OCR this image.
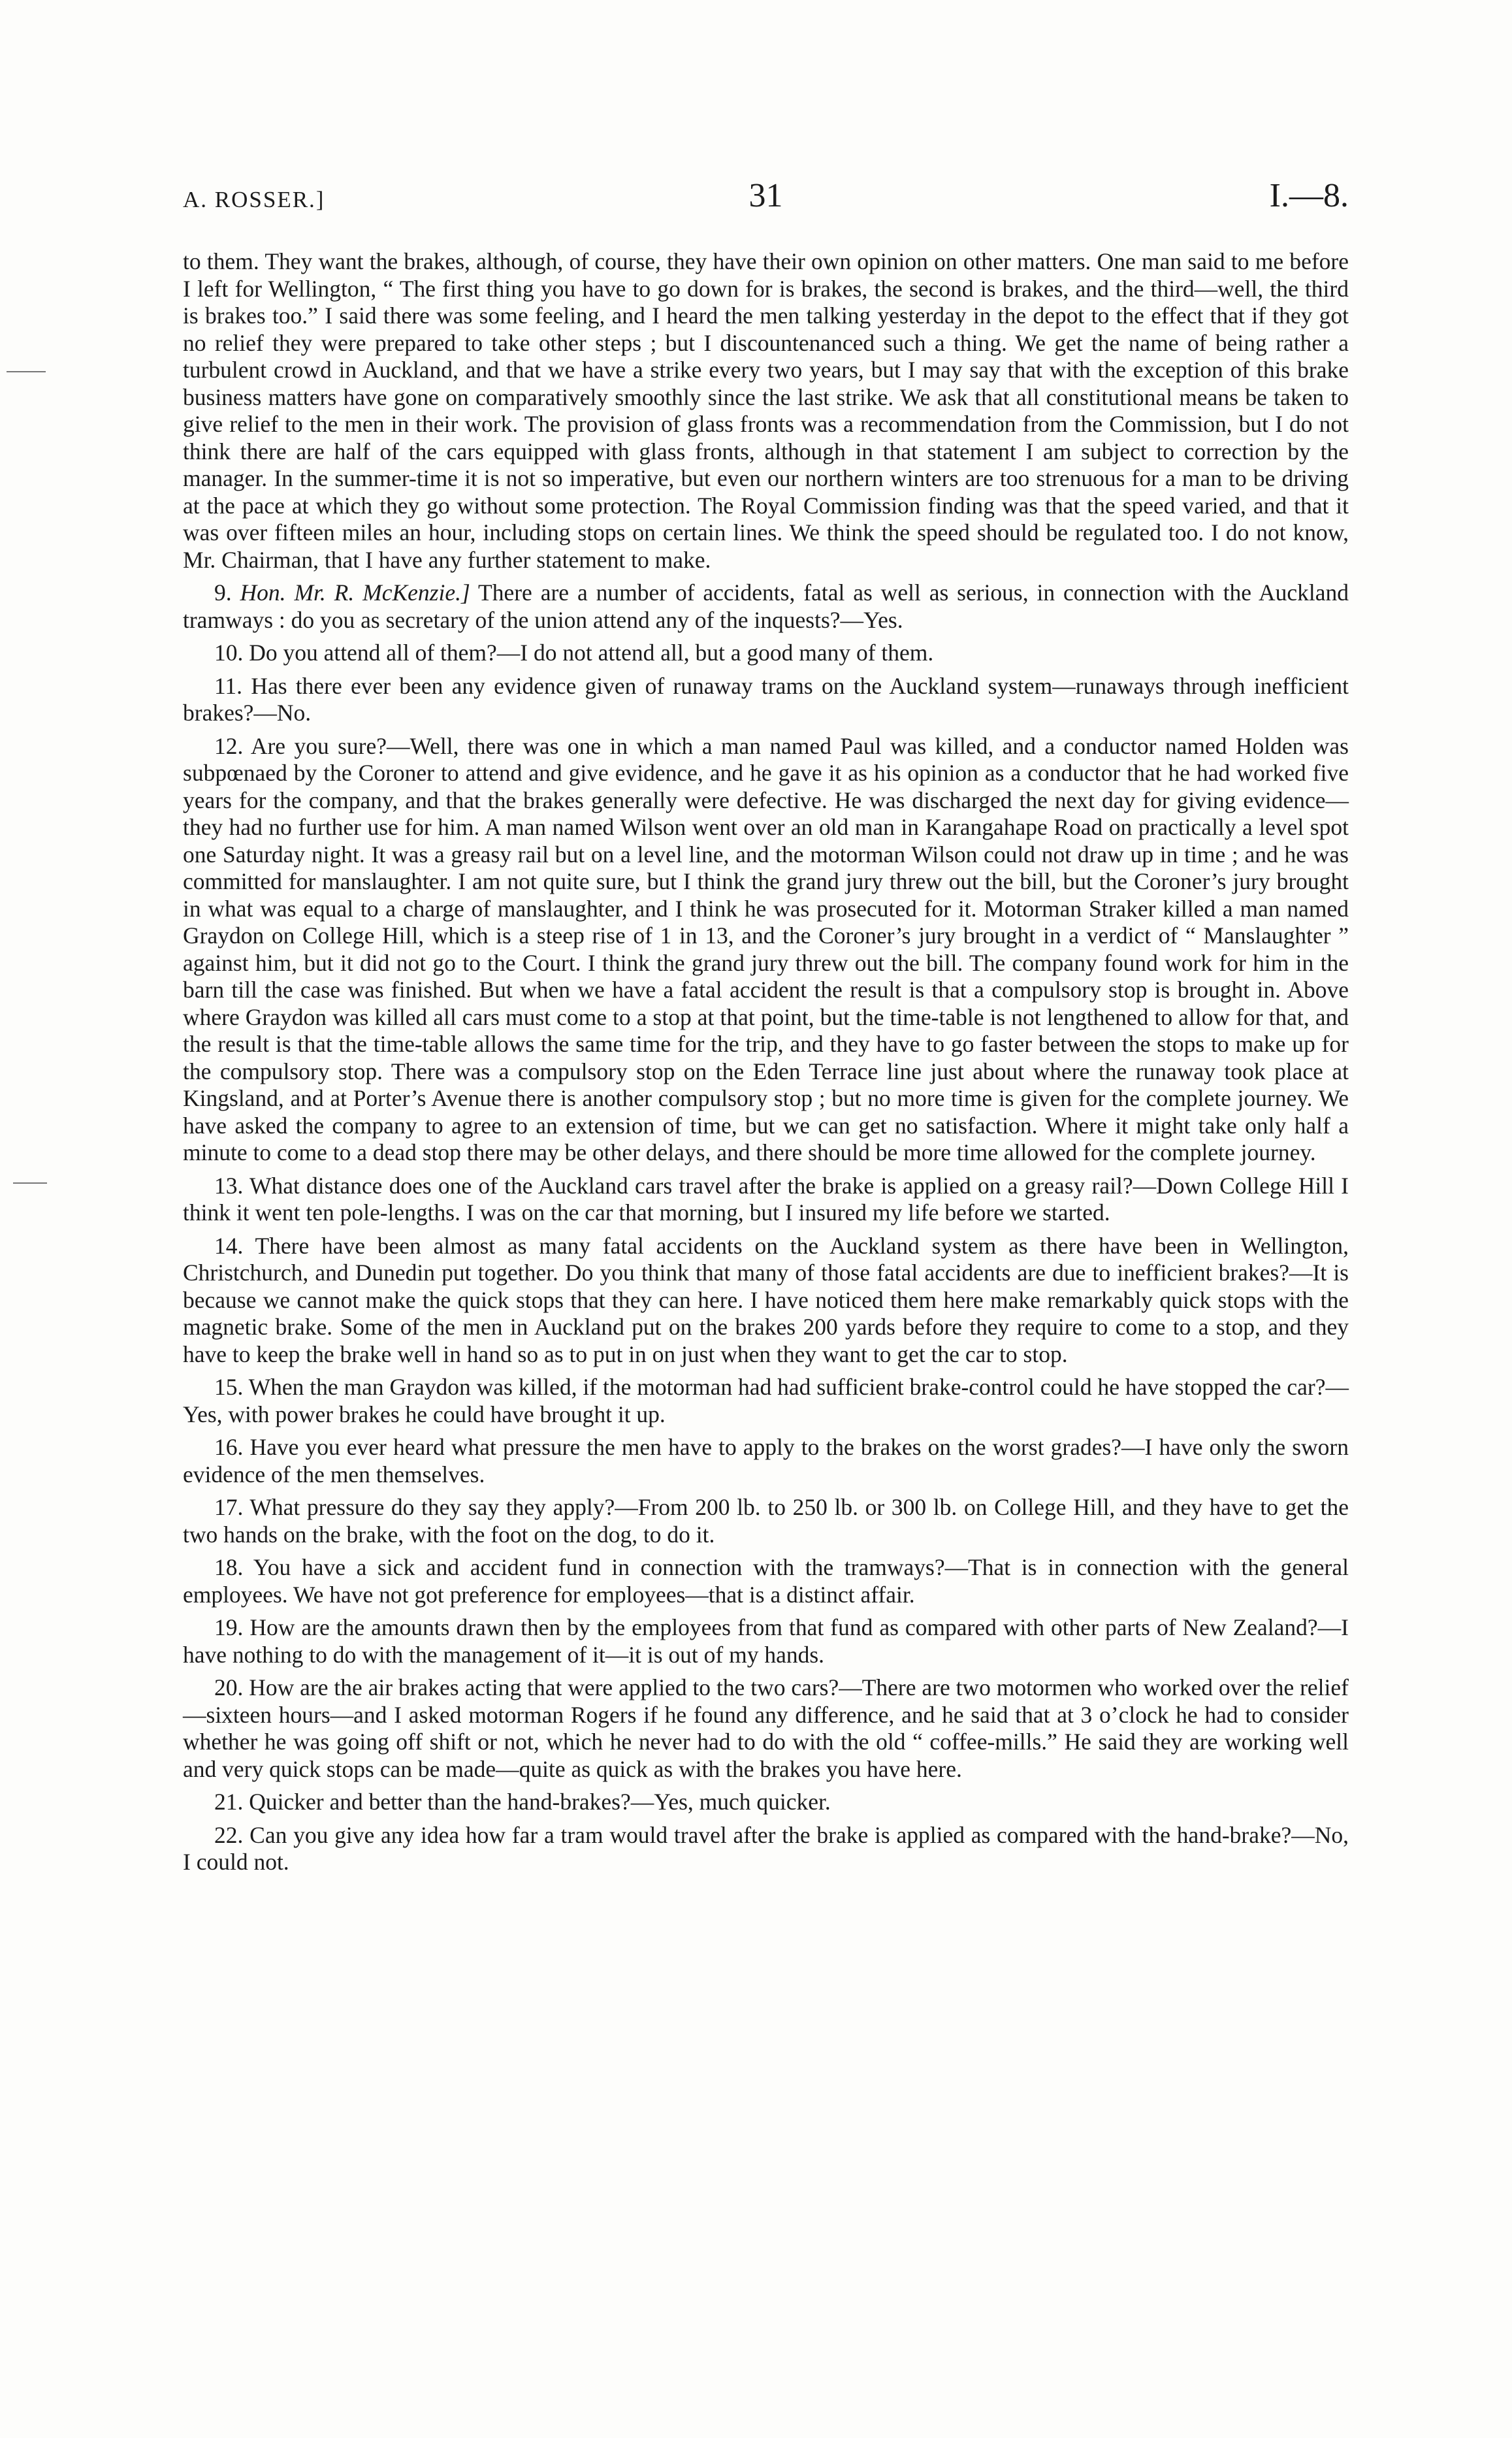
A. ROSSER.]	31	I.—8.

to them. They want the brakes, although, of course, they have their own opinion on other matters. One man said to me before I left for Wellington, “ The first thing you have to go down for is brakes, the second is brakes, and the third—well, the third is brakes too.” I said there was some feeling, and I heard the men talking yesterday in the depot to the effect that if they got no relief they were prepared to take other steps ; but I discountenanced such a thing. We get the name of being rather a turbulent crowd in Auckland, and that we have a strike every two years, but I may say that with the exception of this brake business matters have gone on comparatively smoothly since the last strike. We ask that all constitutional means be taken to give relief to the men in their work. The provision of glass fronts was a recommendation from the Commission, but I do not think there are half of the cars equipped with glass fronts, although in that statement I am subject to correction by the manager. In the summer-time it is not so imperative, but even our northern winters are too strenuous for a man to be driving at the pace at which they go without some protection. The Royal Commission finding was that the speed varied, and that it was over fifteen miles an hour, including stops on certain lines. We think the speed should be regulated too. I do not know, Mr. Chairman, that I have any further statement to make.

9. Hon. Mr. R. McKenzie.] There are a number of accidents, fatal as well as serious, in connection with the Auckland tramways : do you as secretary of the union attend any of the inquests?—Yes.

10. Do you attend all of them?—I do not attend all, but a good many of them.

11. Has there ever been any evidence given of runaway trams on the Auckland system—runaways through inefficient brakes?—No.

12. Are you sure?—Well, there was one in which a man named Paul was killed, and a conductor named Holden was subpœnaed by the Coroner to attend and give evidence, and he gave it as his opinion as a conductor that he had worked five years for the company, and that the brakes generally were defective. He was discharged the next day for giving evidence—they had no further use for him. A man named Wilson went over an old man in Karangahape Road on practically a level spot one Saturday night. It was a greasy rail but on a level line, and the motorman Wilson could not draw up in time ; and he was committed for manslaughter. I am not quite sure, but I think the grand jury threw out the bill, but the Coroner’s jury brought in what was equal to a charge of manslaughter, and I think he was prosecuted for it. Motorman Straker killed a man named Graydon on College Hill, which is a steep rise of 1 in 13, and the Coroner’s jury brought in a verdict of “ Manslaughter ” against him, but it did not go to the Court. I think the grand jury threw out the bill. The company found work for him in the barn till the case was finished. But when we have a fatal accident the result is that a compulsory stop is brought in. Above where Graydon was killed all cars must come to a stop at that point, but the time-table is not lengthened to allow for that, and the result is that the time-table allows the same time for the trip, and they have to go faster between the stops to make up for the compulsory stop. There was a compulsory stop on the Eden Terrace line just about where the runaway took place at Kingsland, and at Porter’s Avenue there is another compulsory stop ; but no more time is given for the complete journey. We have asked the company to agree to an extension of time, but we can get no satisfaction. Where it might take only half a minute to come to a dead stop there may be other delays, and there should be more time allowed for the complete journey.

13. What distance does one of the Auckland cars travel after the brake is applied on a greasy rail?—Down College Hill I think it went ten pole-lengths. I was on the car that morning, but I insured my life before we started.

14. There have been almost as many fatal accidents on the Auckland system as there have been in Wellington, Christchurch, and Dunedin put together. Do you think that many of those fatal accidents are due to inefficient brakes?—It is because we cannot make the quick stops that they can here. I have noticed them here make remarkably quick stops with the magnetic brake. Some of the men in Auckland put on the brakes 200 yards before they require to come to a stop, and they have to keep the brake well in hand so as to put in on just when they want to get the car to stop.

15. When the man Graydon was killed, if the motorman had had sufficient brake-control could he have stopped the car?—Yes, with power brakes he could have brought it up.

16. Have you ever heard what pressure the men have to apply to the brakes on the worst grades?—I have only the sworn evidence of the men themselves.

17. What pressure do they say they apply?—From 200 lb. to 250 lb. or 300 lb. on College Hill, and they have to get the two hands on the brake, with the foot on the dog, to do it.

18. You have a sick and accident fund in connection with the tramways?—That is in connection with the general employees. We have not got preference for employees—that is a distinct affair.

19. How are the amounts drawn then by the employees from that fund as compared with other parts of New Zealand?—I have nothing to do with the management of it—it is out of my hands.

20. How are the air brakes acting that were applied to the two cars?—There are two motormen who worked over the relief—sixteen hours—and I asked motorman Rogers if he found any difference, and he said that at 3 o’clock he had to consider whether he was going off shift or not, which he never had to do with the old “ coffee-mills.” He said they are working well and very quick stops can be made—quite as quick as with the brakes you have here.

21. Quicker and better than the hand-brakes?—Yes, much quicker.

22. Can you give any idea how far a tram would travel after the brake is applied as compared with the hand-brake?—No, I could not.
